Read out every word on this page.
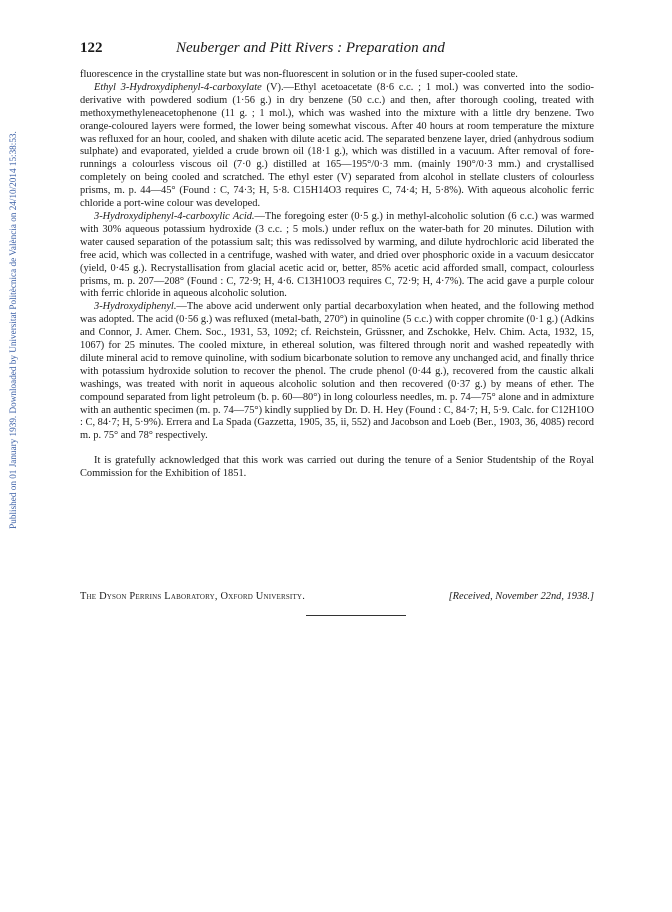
Published on 01 January 1939. Downloaded by Universitat Politècnica de València on 24/10/2014 15:38:53.
122	Neuberger and Pitt Rivers : Preparation and

fluorescence in the crystalline state but was non-fluorescent in solution or in the fused super-cooled state.

Ethyl 3-Hydroxydiphenyl-4-carboxylate (V).—Ethyl acetoacetate (8·6 c.c. ; 1 mol.) was converted into the sodio-derivative with powdered sodium (1·56 g.) in dry benzene (50 c.c.) and then, after thorough cooling, treated with methoxymethyleneacetophenone (11 g. ; 1 mol.), which was washed into the mixture with a little dry benzene. Two orange-coloured layers were formed, the lower being somewhat viscous. After 40 hours at room temperature the mixture was refluxed for an hour, cooled, and shaken with dilute acetic acid. The separated benzene layer, dried (anhydrous sodium sulphate) and evaporated, yielded a crude brown oil (18·1 g.), which was distilled in a vacuum. After removal of fore-runnings a colourless viscous oil (7·0 g.) distilled at 165—195°/0·3 mm. (mainly 190°/0·3 mm.) and crystallised completely on being cooled and scratched. The ethyl ester (V) separated from alcohol in stellate clusters of colourless prisms, m. p. 44—45° (Found : C, 74·3; H, 5·8. C15H14O3 requires C, 74·4; H, 5·8%). With aqueous alcoholic ferric chloride a port-wine colour was developed.

3-Hydroxydiphenyl-4-carboxylic Acid.—The foregoing ester (0·5 g.) in methyl-alcoholic solution (6 c.c.) was warmed with 30% aqueous potassium hydroxide (3 c.c. ; 5 mols.) under reflux on the water-bath for 20 minutes. Dilution with water caused separation of the potassium salt; this was redissolved by warming, and dilute hydrochloric acid liberated the free acid, which was collected in a centrifuge, washed with water, and dried over phosphoric oxide in a vacuum desiccator (yield, 0·45 g.). Recrystallisation from glacial acetic acid or, better, 85% acetic acid afforded small, compact, colourless prisms, m. p. 207—208° (Found : C, 72·9; H, 4·6. C13H10O3 requires C, 72·9; H, 4·7%). The acid gave a purple colour with ferric chloride in aqueous alcoholic solution.

3-Hydroxydiphenyl.—The above acid underwent only partial decarboxylation when heated, and the following method was adopted. The acid (0·56 g.) was refluxed (metal-bath, 270°) in quinoline (5 c.c.) with copper chromite (0·1 g.) (Adkins and Connor, J. Amer. Chem. Soc., 1931, 53, 1092; cf. Reichstein, Grüssner, and Zschokke, Helv. Chim. Acta, 1932, 15, 1067) for 25 minutes. The cooled mixture, in ethereal solution, was filtered through norit and washed repeatedly with dilute mineral acid to remove quinoline, with sodium bicarbonate solution to remove any unchanged acid, and finally thrice with potassium hydroxide solution to recover the phenol. The crude phenol (0·44 g.), recovered from the caustic alkali washings, was treated with norit in aqueous alcoholic solution and then recovered (0·37 g.) by means of ether. The compound separated from light petroleum (b. p. 60—80°) in long colourless needles, m. p. 74—75° alone and in admixture with an authentic specimen (m. p. 74—75°) kindly supplied by Dr. D. H. Hey (Found : C, 84·7; H, 5·9. Calc. for C12H10O : C, 84·7; H, 5·9%). Errera and La Spada (Gazzetta, 1905, 35, ii, 552) and Jacobson and Loeb (Ber., 1903, 36, 4085) record m. p. 75° and 78° respectively.

It is gratefully acknowledged that this work was carried out during the tenure of a Senior Studentship of the Royal Commission for the Exhibition of 1851.

The Dyson Perrins Laboratory, Oxford University.	[Received, November 22nd, 1938.]
